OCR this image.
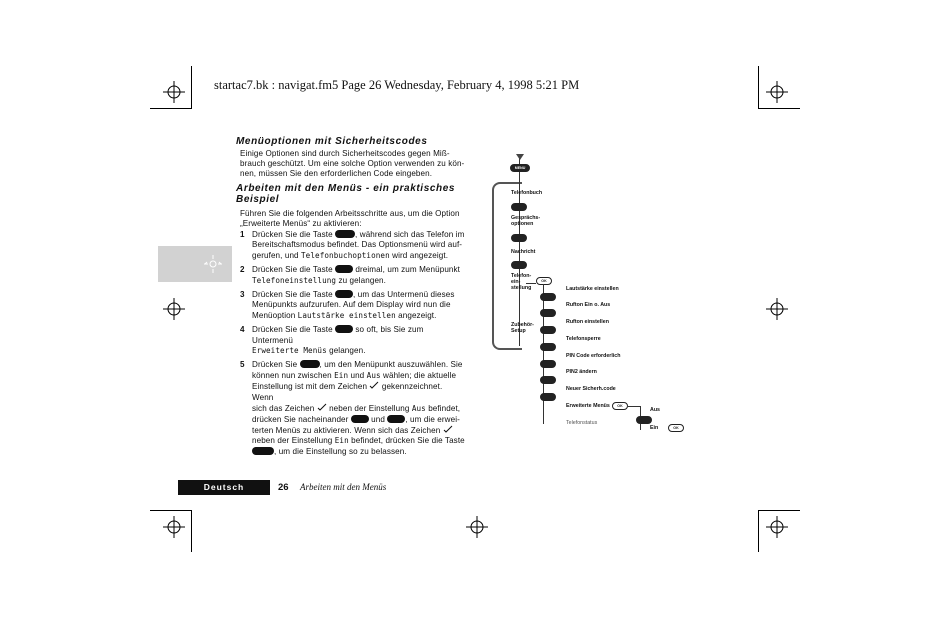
startac7.bk : navigat.fm5 Page 26 Wednesday, February 4, 1998 5:21 PM
Menüoptionen mit Sicherheitscodes
Einige Optionen sind durch Sicherheitscodes gegen Miß-
brauch geschützt. Um eine solche Option verwenden zu kön-
nen, müssen Sie den erforderlichen Code eingeben.
Arbeiten mit den Menüs - ein praktisches
Beispiel
Führen Sie die folgenden Arbeitsschritte aus, um die Option
„Erweiterte Menüs“ zu aktivieren:
1 Drücken Sie die Taste	, während sich das Telefon im
Bereitschaftsmodus befindet. Das Optionsmenü wird auf-
gerufen, und Telefonbuchoptionen wird angezeigt.
2 Drücken Sie die Taste	dreimal, um zum Menüpunkt
Telefoneinstellung zu gelangen.
3 Drücken Sie die Taste	, um das Untermenü dieses
Menüpunkts aufzurufen. Auf dem Display wird nun die
Menüoption Lautstärke einstellen angezeigt.
4 Drücken Sie die Taste	so oft, bis Sie zum Untermenü
Erweiterte Menüs gelangen.
5 Drücken Sie	, um den Menüpunkt auszuwählen. Sie
können nun zwischen Ein und Aus wählen; die aktuelle
Einstellung ist mit dem Zeichen gekennzeichnet. Wenn
sich das Zeichen neben der Einstellung Aus befindet,
drücken Sie nacheinander	und	, um die erwei-
terten Menüs zu aktivieren. Wenn sich das Zeichen
neben der Einstellung Ein befindet, drücken Sie die Taste
, um die Einstellung so zu belassen.
MENU
Telefonbuch
Gesprächs-
optionen
Nachricht
Telefon-
ein-
stellung
OK
Zubehör-
Setup
Lautstärke einstellen
Rufton Ein o. Aus
Rufton einstellen
Telefonsperre
PIN Code erforderlich
PIN2 ändern
Neuer Sicherh.code
Erweiterte Menüs	OK
Telefonstatus
Aus
Ein	OK
Deutsch	26 Arbeiten mit den Menüs
